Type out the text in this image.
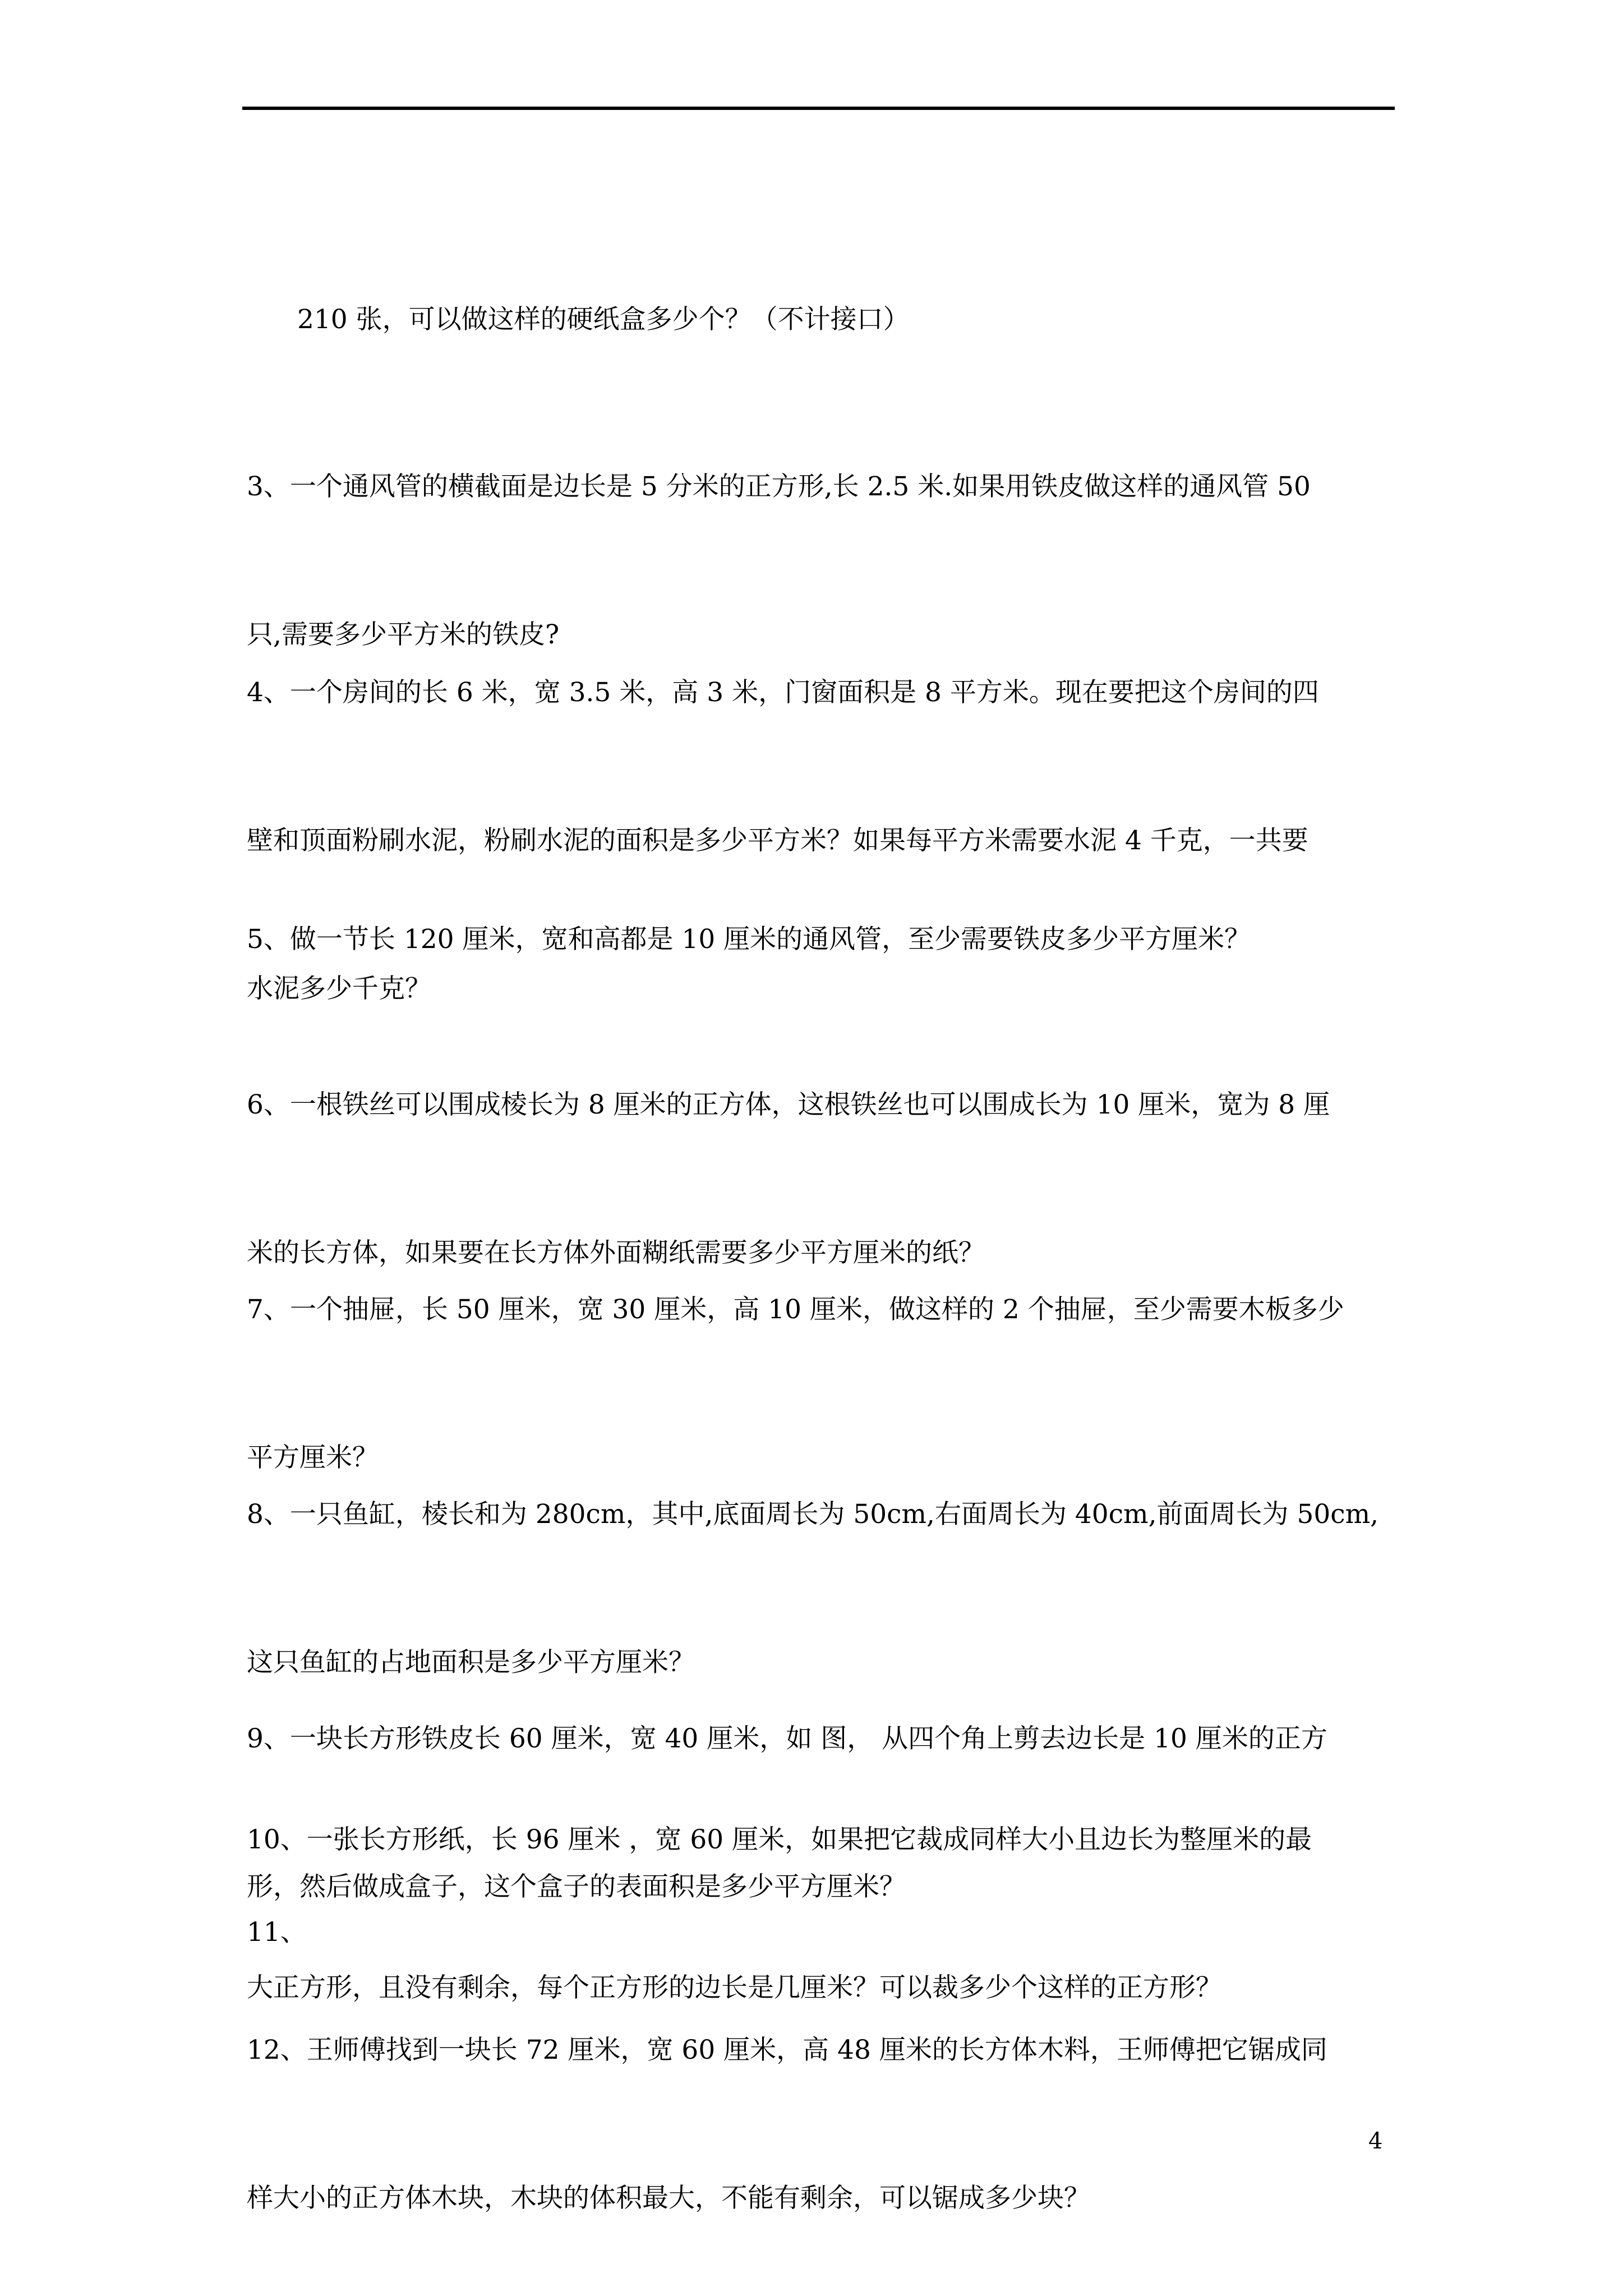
210 张，可以做这样的硬纸盒多少个？（不计接口）

3、一个通风管的横截面是边长是 5 分米的正方形,长 2.5 米.如果用铁皮做这样的通风管 50

只,需要多少平方米的铁皮?

4、一个房间的长 6 米，宽 3.5 米，高 3 米，门窗面积是 8 平方米。现在要把这个房间的四

壁和顶面粉刷水泥，粉刷水泥的面积是多少平方米？如果每平方米需要水泥 4 千克，一共要

水泥多少千克？

5、做一节长 120 厘米，宽和高都是 10 厘米的通风管，至少需要铁皮多少平方厘米？

6、一根铁丝可以围成棱长为 8 厘米的正方体，这根铁丝也可以围成长为 10 厘米，宽为 8 厘

米的长方体，如果要在长方体外面糊纸需要多少平方厘米的纸？

7、一个抽屉，长 50 厘米，宽 30 厘米，高 10 厘米，做这样的 2 个抽屉，至少需要木板多少

平方厘米？

8、一只鱼缸，棱长和为 280cm，其中,底面周长为 50cm,右面周长为 40cm,前面周长为 50cm,

这只鱼缸的占地面积是多少平方厘米？

9、一块长方形铁皮长 60 厘米，宽 40 厘米，如 图， 从四个角上剪去边长是 10 厘米的正方

形，然后做成盒子，这个盒子的表面积是多少平方厘米？

10、一张长方形纸，长 96 厘米 ，宽 60 厘米，如果把它裁成同样大小且边长为整厘米的最

大正方形，且没有剩余，每个正方形的边长是几厘米？可以裁多少个这样的正方形？

11、

12、王师傅找到一块长 72 厘米，宽 60 厘米，高 48 厘米的长方体木料，王师傅把它锯成同

样大小的正方体木块，木块的体积最大，不能有剩余，可以锯成多少块？

4
